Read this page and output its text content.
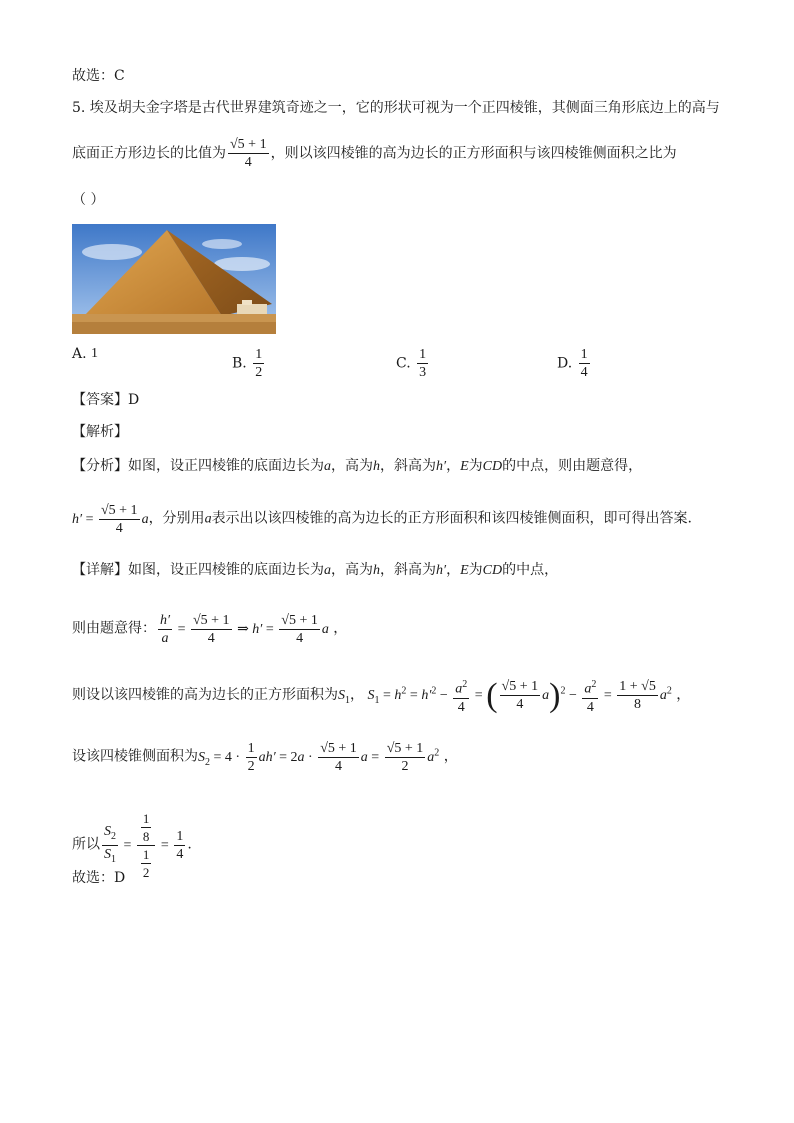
故选：C
5. 埃及胡夫金字塔是古代世界建筑奇迹之一，它的形状可视为一个正四棱锥，其侧面三角形底边上的高与
底面正方形边长的比值为 $\frac{√5 + 1}{4}$ ，则以该四棱锥的高为边长的正方形面积与该四棱锥侧面积之比为
（ ）
A. 1
B. $\frac{1}{2}$	C. $\frac{1}{3}$	D. $\frac{1}{4}$
【答案】D
【解析】
【分析】如图，设正四棱锥的底面边长为a，高为h，斜高为h′，E为CD的中点，则由题意得，
$h' = \frac{√5 + 1}{4}$ a，分别用a表示出以该四棱锥的高为边长的正方形面积和该四棱锥侧面积，即可得出答案.
【详解】如图，设正四棱锥的底面边长为a，高为h，斜高为h′，E为CD的中点，
则由题意得： $\frac{h'}{a} = \frac{√5 + 1}{4}$ ⇒ $h' = \frac{√5 + 1}{4}$ a ，
则设以该四棱锥的高为边长的正方形面积为$S_1$， $S_1 = h^2 = h'^2 - \frac{a^2}{4}$ = ( $\frac{√5 + 1}{4} a)^2 - \frac{a^2}{4} = \frac{1 + √5}{8} a^2$ ，
设该四棱锥侧面积为$S_2 = 4 \cdot \frac{1}{2} ah' = 2a \cdot \frac{√5 + 1}{4}$ $a = \frac{√5 + 1}{2} a^2$ ，
所以 $\frac{S_2}{S_1} = \frac{\frac{1}{8}}{\frac{1}{2}} = \frac{1}{4}$ .
故选：D
